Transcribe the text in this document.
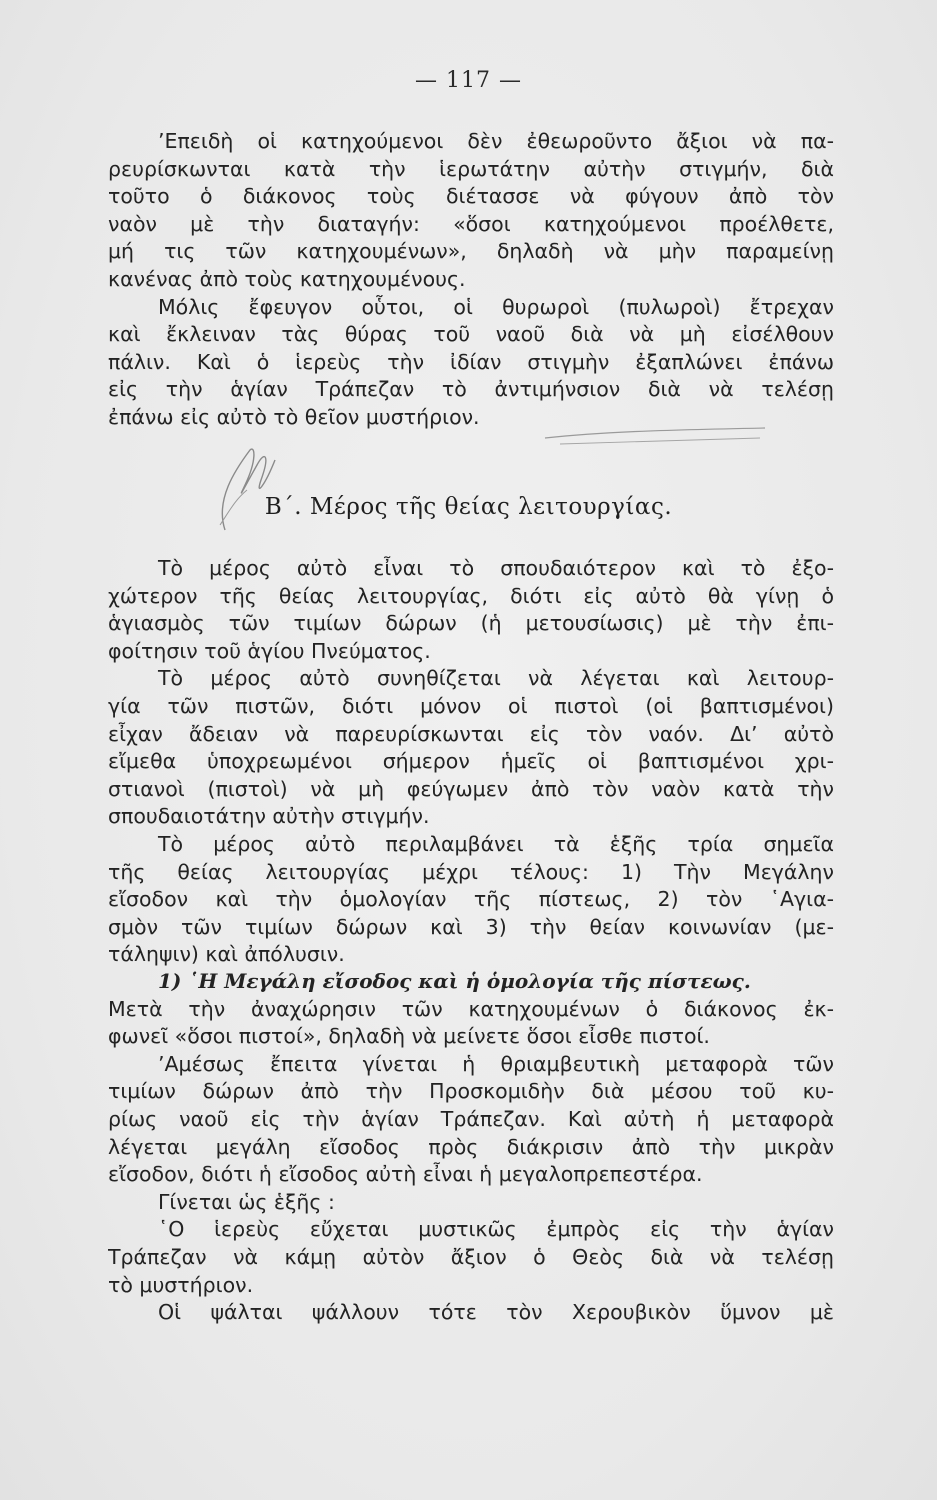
— 117 —
’Επειδὴ οἱ κατηχούμενοι δὲν ἐθεωροῦντο ἄξιοι νὰ πα-
ρευρίσκωνται κατὰ τὴν ἱερωτάτην αὐτὴν στιγμήν, διὰ
τοῦτο ὁ διάκονος τοὺς διέτασσε νὰ φύγουν ἀπὸ τὸν
ναὸν μὲ τὴν διαταγήν: «ὅσοι κατηχούμενοι προέλθετε,
μή τις τῶν κατηχουμένων», δηλαδὴ νὰ μὴν παραμείνῃ
κανένας ἀπὸ τοὺς κατηχουμένους.
Μόλις ἔφευγον οὗτοι, οἱ θυρωροὶ (πυλωροὶ) ἔτρεχαν
καὶ ἔκλειναν τὰς θύρας τοῦ ναοῦ διὰ νὰ μὴ εἰσέλθουν
πάλιν. Καὶ ὁ ἱερεὺς τὴν ἰδίαν στιγμὴν ἐξαπλώνει ἐπάνω
εἰς τὴν ἁγίαν Τράπεζαν τὸ ἀντιμήνσιον διὰ νὰ τελέσῃ
ἐπάνω εἰς αὐτὸ τὸ θεῖον μυστήριον.
Β΄. Μέρος τῆς θείας λειτουργίας.
Τὸ μέρος αὐτὸ εἶναι τὸ σπουδαιότερον καὶ τὸ ἐξο-
χώτερον τῆς θείας λειτουργίας, διότι εἰς αὐτὸ θὰ γίνῃ ὁ
ἁγιασμὸς τῶν τιμίων δώρων (ἡ μετουσίωσις) μὲ τὴν ἐπι-
φοίτησιν τοῦ ἁγίου Πνεύματος.
Τὸ μέρος αὐτὸ συνηθίζεται νὰ λέγεται καὶ λειτουρ-
γία τῶν πιστῶν, διότι μόνον οἱ πιστοὶ (οἱ βαπτισμένοι)
εἶχαν ἄδειαν νὰ παρευρίσκωνται εἰς τὸν ναόν. Δι’ αὐτὸ
εἴμεθα ὑποχρεωμένοι σήμερον ἡμεῖς οἱ βαπτισμένοι χρι-
στιανοὶ (πιστοὶ) νὰ μὴ φεύγωμεν ἀπὸ τὸν ναὸν κατὰ τὴν
σπουδαιοτάτην αὐτὴν στιγμήν.
Τὸ μέρος αὐτὸ περιλαμβάνει τὰ ἑξῆς τρία σημεῖα
τῆς θείας λειτουργίας μέχρι τέλους: 1) Τὴν Μεγάλην
εἴσοδον καὶ τὴν ὁμολογίαν τῆς πίστεως, 2) τὸν ῾Αγια-
σμὸν τῶν τιμίων δώρων καὶ 3) τὴν θείαν κοινωνίαν (με-
τάληψιν) καὶ ἀπόλυσιν.
1) ῾Η Μεγάλη εἴσοδος καὶ ἡ ὁμολογία τῆς πίστεως.
Μετὰ τὴν ἀναχώρησιν τῶν κατηχουμένων ὁ διάκονος ἐκ-
φωνεῖ «ὅσοι πιστοί», δηλαδὴ νὰ μείνετε ὅσοι εἶσθε πιστοί.
’Αμέσως ἔπειτα γίνεται ἡ θριαμβευτικὴ μεταφορὰ τῶν
τιμίων δώρων ἀπὸ τὴν Προσκομιδὴν διὰ μέσου τοῦ κυ-
ρίως ναοῦ εἰς τὴν ἁγίαν Τράπεζαν. Καὶ αὐτὴ ἡ μεταφορὰ
λέγεται μεγάλη εἴσοδος πρὸς διάκρισιν ἀπὸ τὴν μικρὰν
εἴσοδον, διότι ἡ εἴσοδος αὐτὴ εἶναι ἡ μεγαλοπρεπεστέρα.
Γίνεται ὡς ἑξῆς :
῾Ο ἱερεὺς εὔχεται μυστικῶς ἐμπρὸς εἰς τὴν ἁγίαν
Τράπεζαν νὰ κάμῃ αὐτὸν ἄξιον ὁ Θεὸς διὰ νὰ τελέσῃ
τὸ μυστήριον.
Οἱ ψάλται ψάλλουν τότε τὸν Χερουβικὸν ὕμνον μὲ
